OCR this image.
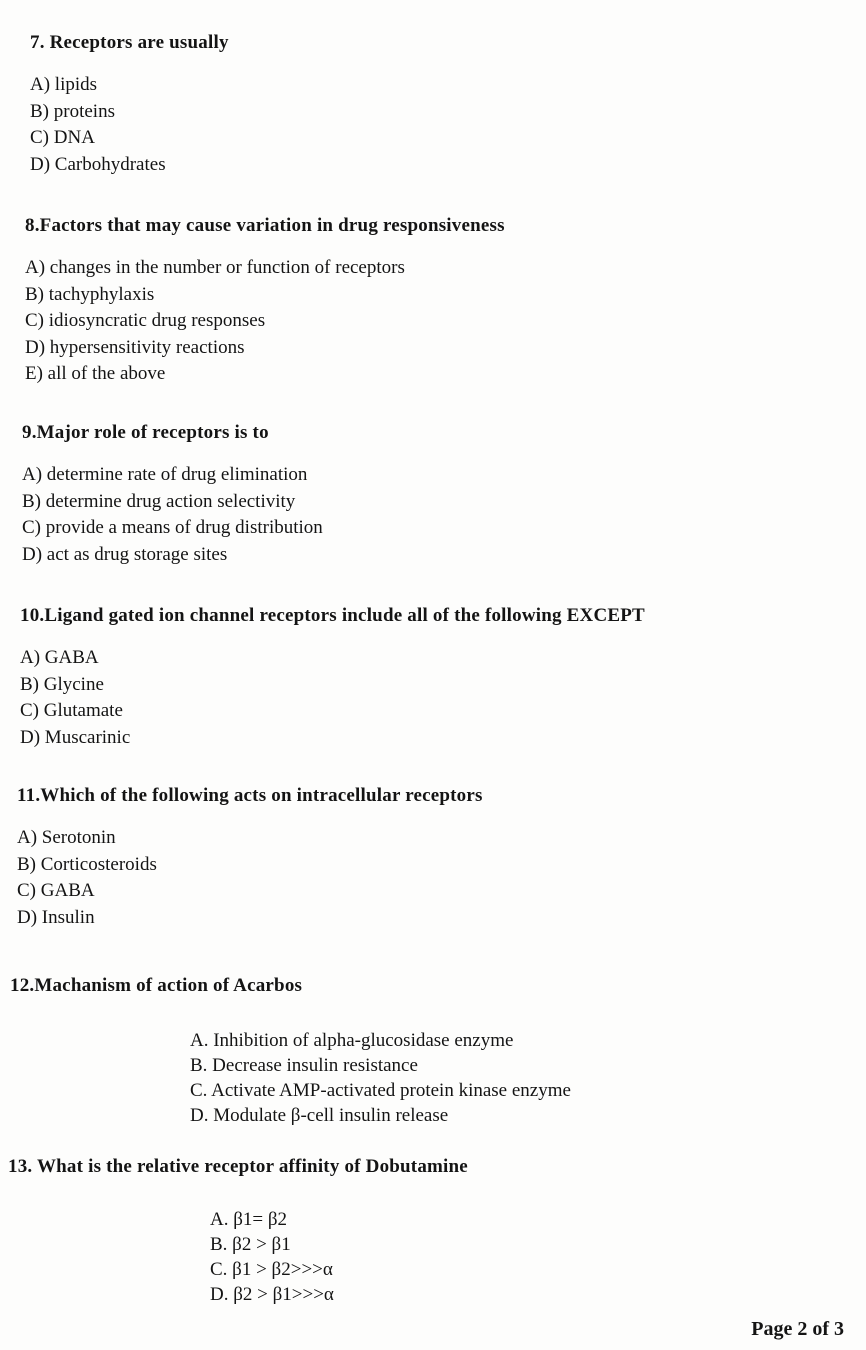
7. Receptors are usually
A) lipids
B) proteins
C) DNA
D) Carbohydrates
8.Factors that may cause variation in drug responsiveness
A) changes in the number or function of receptors
B) tachyphylaxis
C) idiosyncratic drug responses
D) hypersensitivity reactions
E) all of the above
9.Major role of receptors is to
A) determine rate of drug elimination
B) determine drug action selectivity
C) provide a means of drug distribution
D) act as drug storage sites
10.Ligand gated ion channel receptors include all of the following EXCEPT
A) GABA
B) Glycine
C) Glutamate
D) Muscarinic
11.Which of the following acts on intracellular receptors
A) Serotonin
B) Corticosteroids
C) GABA
D) Insulin
12.Machanism of action of Acarbos
A. Inhibition of alpha-glucosidase enzyme
B. Decrease insulin resistance
C. Activate AMP-activated protein kinase enzyme
D. Modulate β-cell insulin release
13. What is the relative receptor affinity of Dobutamine
A. β1= β2
B. β2 > β1
C. β1 > β2>>>α
D. β2 > β1>>>α
Page 2 of 3
